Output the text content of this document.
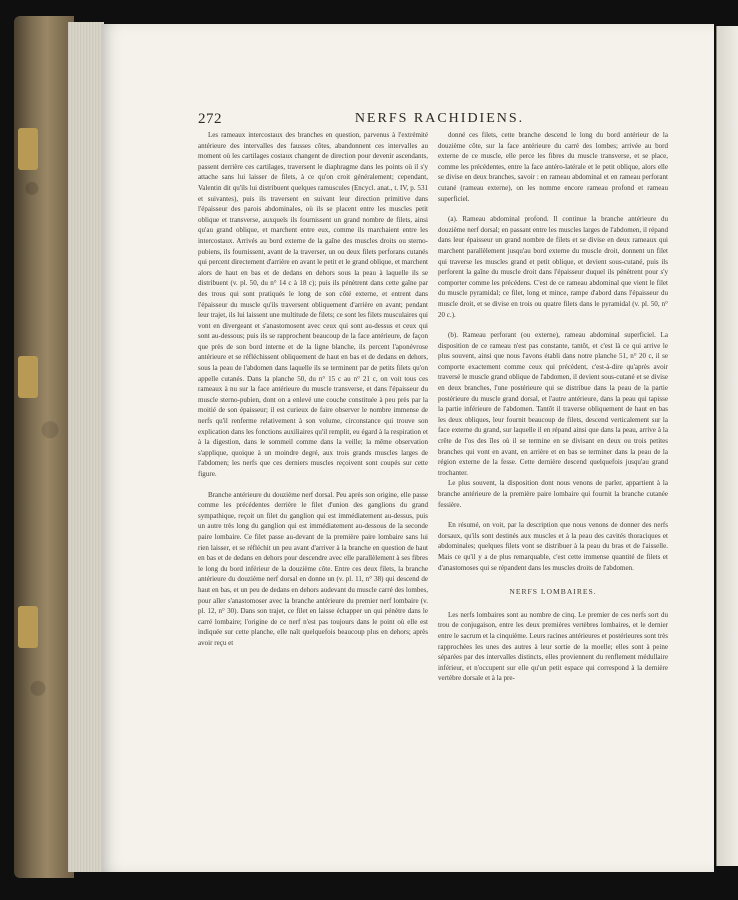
272	NERFS RACHIDIENS.

Les rameaux intercostaux des branches en question, parvenus à l'extrémité antérieure des intervalles des fausses côtes, abandonnent ces intervalles au moment où les cartilages costaux changent de direction pour devenir ascendants, passent derrière ces cartilages, traversent le diaphragme dans les points où il s'y attache sans lui laisser de filets, à ce qu'on croit généralement; cependant, Valentin dit qu'ils lui distribuent quelques ramuscules (Encycl. anat., t. IV, p. 531 et suivantes), puis ils traversent en suivant leur direction primitive dans l'épaisseur des parois abdominales, où ils se placent entre les muscles petit oblique et transverse, auxquels ils fournissent un grand nombre de filets, ainsi qu'au grand oblique, et marchent entre eux, comme ils marchaient entre les intercostaux. Arrivés au bord externe de la gaîne des muscles droits ou sterno-pubiens, ils fournissent, avant de la traverser, un ou deux filets perforans cutanés qui percent directement d'arrière en avant le petit et le grand oblique, et marchent alors de haut en bas et de dedans en dehors sous la peau à laquelle ils se distribuent (v. pl. 50, du n° 14 c à 18 c); puis ils pénètrent dans cette gaîne par des trous qui sont pratiqués le long de son côté externe, et entrent dans l'épaisseur du muscle qu'ils traversent obliquement d'arrière en avant; pendant leur trajet, ils lui laissent une multitude de filets; ce sont les filets musculaires qui vont en divergeant et s'anastomosent avec ceux qui sont au-dessus et ceux qui sont au-dessous; puis ils se rapprochent beaucoup de la face antérieure, de façon que près de son bord interne et de la ligne blanche, ils percent l'aponévrose antérieure et se réfléchissent obliquement de haut en bas et de dedans en dehors, sous la peau de l'abdomen dans laquelle ils se terminent par de petits filets qu'on appelle cutanés. Dans la planche 50, du n° 15 c au n° 21 c, on voit tous ces rameaux à nu sur la face antérieure du muscle transverse, et dans l'épaisseur du muscle sterno-pubien, dont on a enlevé une couche constituée à peu près par la moitié de son épaisseur; il est curieux de faire observer le nombre immense de nerfs qu'il renferme relativement à son volume, circonstance qui trouve son explication dans les fonctions auxiliaires qu'il remplit, eu égard à la respiration et à la digestion, dans le sommeil comme dans la veille; la même observation s'applique, quoique à un moindre degré, aux trois grands muscles larges de l'abdomen; les nerfs que ces derniers muscles reçoivent sont coupés sur cette figure.

Branche antérieure du douzième nerf dorsal. Peu après son origine, elle passe comme les précédentes derrière le filet d'union des ganglions du grand sympathique, reçoit un filet du ganglion qui est immédiatement au-dessus, puis un autre très long du ganglion qui est immédiatement au-dessous de la seconde paire lombaire. Ce filet passe au-devant de la première paire lombaire sans lui rien laisser, et se réfléchit un peu avant d'arriver à la branche en question de haut en bas et de dedans en dehors pour descendre avec elle parallèlement à ses fibres le long du bord inférieur de la douzième côte. Entre ces deux filets, la branche antérieure du douzième nerf dorsal en donne un (v. pl. 11, n° 38) qui descend de haut en bas, et un peu de dedans en dehors audevant du muscle carré des lombes, pour aller s'anastomoser avec la branche antérieure du premier nerf lombaire (v. pl. 12, n° 30). Dans son trajet, ce filet en laisse échapper un qui pénètre dans le carré lombaire; l'origine de ce nerf n'est pas toujours dans le point où elle est indiquée sur cette planche, elle naît quelquefois beaucoup plus en dehors; après avoir reçu et

donné ces filets, cette branche descend le long du bord antérieur de la douzième côte, sur la face antérieure du carré des lombes; arrivée au bord externe de ce muscle, elle perce les fibres du muscle transverse, et se place, comme les précédentes, entre la face antéro-latérale et le petit oblique, alors elle se divise en deux branches, savoir : en rameau abdominal et en rameau perforant cutané (rameau externe), on les nomme encore rameau profond et rameau superficiel.

(a). Rameau abdominal profond. Il continue la branche antérieure du douzième nerf dorsal; en passant entre les muscles larges de l'abdomen, il répand dans leur épaisseur un grand nombre de filets et se divise en deux rameaux qui marchent parallèlement jusqu'au bord externe du muscle droit, donnent un filet qui traverse les muscles grand et petit oblique, et devient sous-cutané, puis ils perforent la gaîne du muscle droit dans l'épaisseur duquel ils pénètrent pour s'y comporter comme les précédens. C'est de ce rameau abdominal que vient le filet du muscle pyramidal; ce filet, long et mince, rampe d'abord dans l'épaisseur du muscle droit, et se divise en trois ou quatre filets dans le pyramidal (v. pl. 50, n° 20 c.).

(b). Rameau perforant (ou externe), rameau abdominal superficiel. La disposition de ce rameau n'est pas constante, tantôt, et c'est là ce qui arrive le plus souvent, ainsi que nous l'avons établi dans notre planche 51, n° 20 c, il se comporte exactement comme ceux qui précèdent, c'est-à-dire qu'après avoir traversé le muscle grand oblique de l'abdomen, il devient sous-cutané et se divise en deux branches, l'une postérieure qui se distribue dans la peau de la partie postérieure du muscle grand dorsal, et l'autre antérieure, dans la peau qui tapisse la partie inférieure de l'abdomen. Tantôt il traverse obliquement de haut en bas les deux obliques, leur fournit beaucoup de filets, descend verticalement sur la face externe du grand, sur laquelle il en répand ainsi que dans la peau, arrive à la crête de l'os des îles où il se termine en se divisant en deux ou trois petites branches qui vont en avant, en arrière et en bas se terminer dans la peau de la région externe de la fesse. Cette dernière descend quelquefois jusqu'au grand trochanter.

Le plus souvent, la disposition dont nous venons de parler, appartient à la branche antérieure de la première paire lombaire qui fournit la branche cutanée fessière.

En résumé, on voit, par la description que nous venons de donner des nerfs dorsaux, qu'ils sont destinés aux muscles et à la peau des cavités thoraciques et abdominales; quelques filets vont se distribuer à la peau du bras et de l'aisselle. Mais ce qu'il y a de plus remarquable, c'est cette immense quantité de filets et d'anastomoses qui se répandent dans les muscles droits de l'abdomen.

NERFS LOMBAIRES.

Les nerfs lombaires sont au nombre de cinq. Le premier de ces nerfs sort du trou de conjugaison, entre les deux premières vertèbres lombaires, et le dernier entre le sacrum et la cinquième. Leurs racines antérieures et postérieures sont très rapprochées les unes des autres à leur sortie de la moelle; elles sont à peine séparées par des intervalles distincts, elles proviennent du renflement médullaire inférieur, et n'occupent sur elle qu'un petit espace qui correspond à la dernière vertèbre dorsale et à la pre-
